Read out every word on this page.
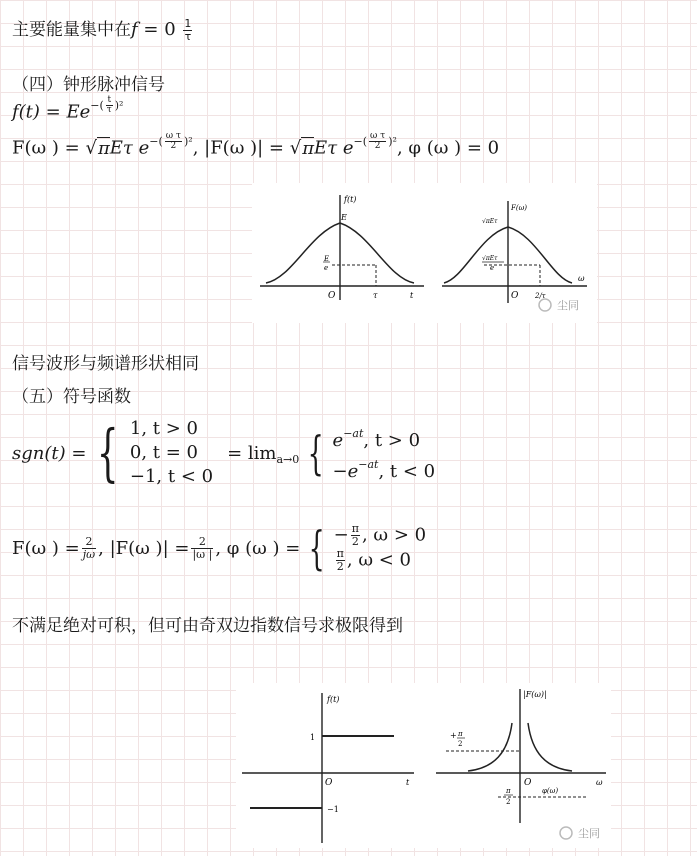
主要能量集中在$f = 0 \frac{1}{\tau}$
（四）钟形脉冲信号
$f(t) = Ee^{-( \frac{t}{\tau} )^2}$
F(ω ) = √πEτ $e^{-( \frac{\text{ω τ}}{2} )^2}$, |F(ω )| = √πEτ $e^{-( \frac{\text{ω τ}}{2} )^2}$, φ (ω ) = 0
f(t)
E
E
e
O	τ	t
F(ω)
√πEτ
√πEτ
e
O 2/τ
ω
尘同
信号波形与频谱形状相同
（五）符号函数
sgn(t) = { 1, t > 0
0, t = 0
−1, t < 0
= lim a→0 { $e^{-at}$, t > 0
$-e^{-at}$, t < 0
F(ω ) = $\frac{2}{j\omega}$ , |F(ω )| = $\frac{2}{|\omega |}$ , φ (ω ) = { − $\frac{\pi}{2}$ , ω > 0
$\frac{\pi}{2}$ , ω < 0
不满足绝对可积，但可由奇双边指数信号求极限得到
f(t)
1
−1
O	t
|F(ω)|
+ π
2
π
2
φ(ω)
O	ω
尘同
